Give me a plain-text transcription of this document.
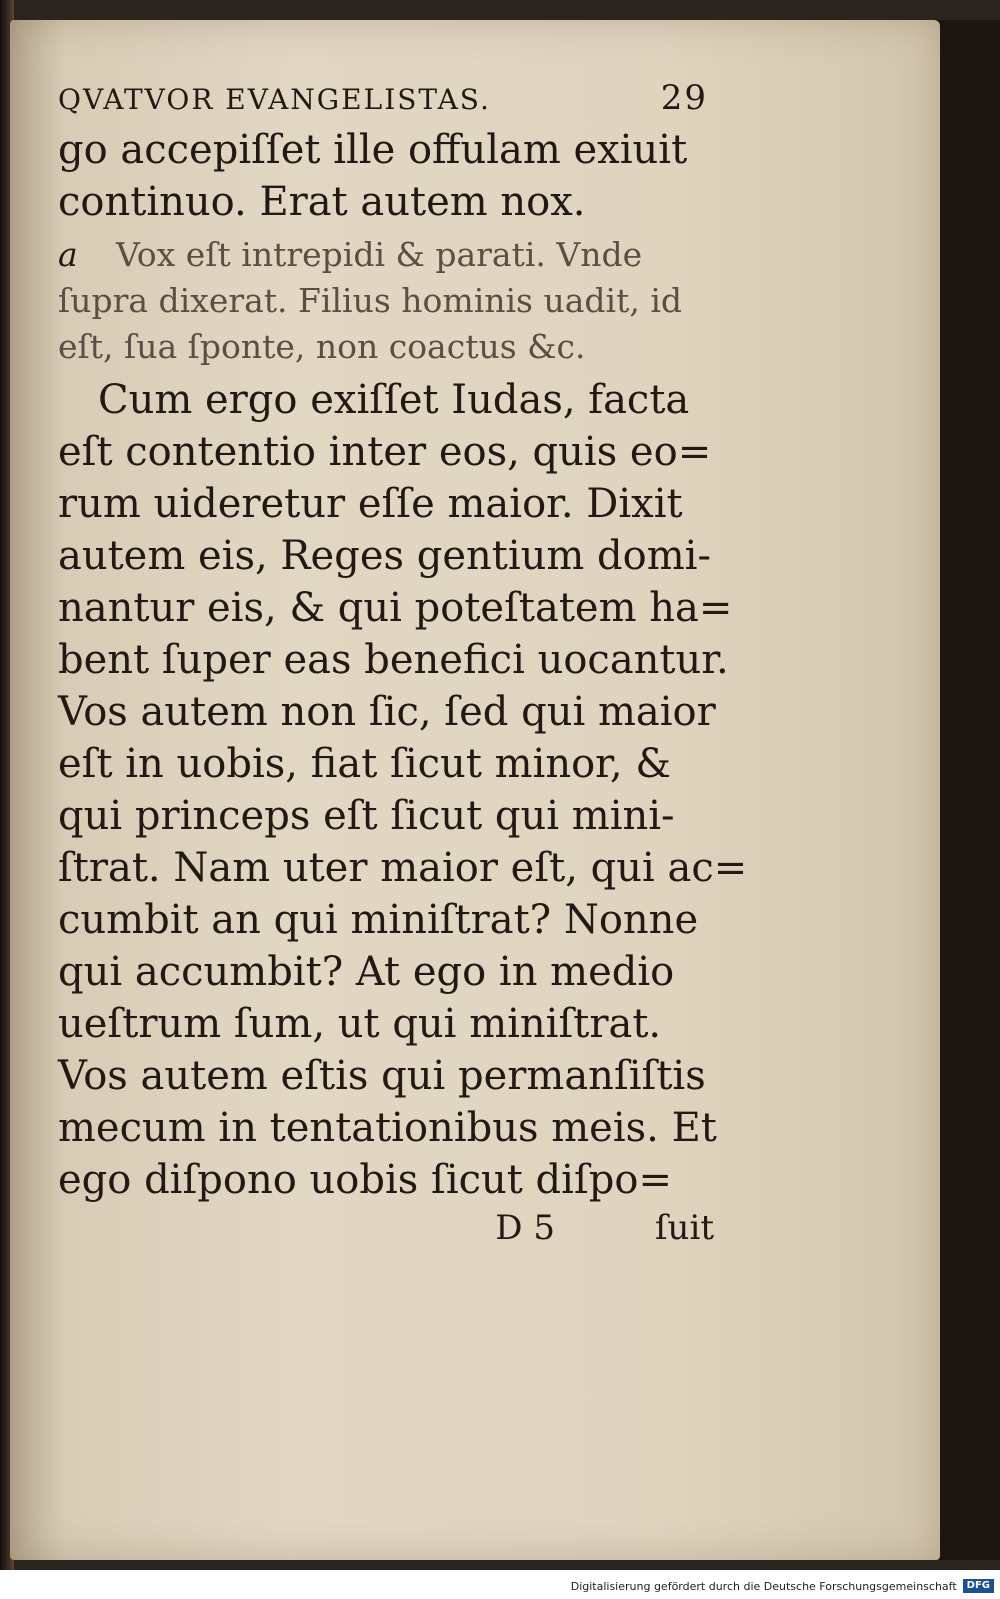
QVATVOR EVANGELISTAS.	29
go accepiſſet ille offulam exiuit
continuo. Erat autem nox.
a Vox eſt intrepidi & parati. Vnde
ſupra dixerat. Filius hominis uadit, id
eſt, ſua ſponte, non coactus &c.
Cum ergo exiſſet Iudas, facta
eſt contentio inter eos, quis eo=
rum uideretur eſſe maior. Dixit
autem eis, Reges gentium domi-
nantur eis, & qui poteſtatem ha=
bent ſuper eas benefici uocantur.
Vos autem non ſic, ſed qui maior
eſt in uobis, fiat ſicut minor, &
qui princeps eſt ſicut qui mini-
ſtrat. Nam uter maior eſt, qui ac=
cumbit an qui miniſtrat? Nonne
qui accumbit? At ego in medio
ueſtrum ſum, ut qui miniſtrat.
Vos autem eſtis qui permanſiſtis
mecum in tentationibus meis. Et
ego diſpono uobis ſicut diſpo=
D 5	ſuit
Digitalisierung gefördert durch die Deutsche Forschungsgemeinschaft	DFG
